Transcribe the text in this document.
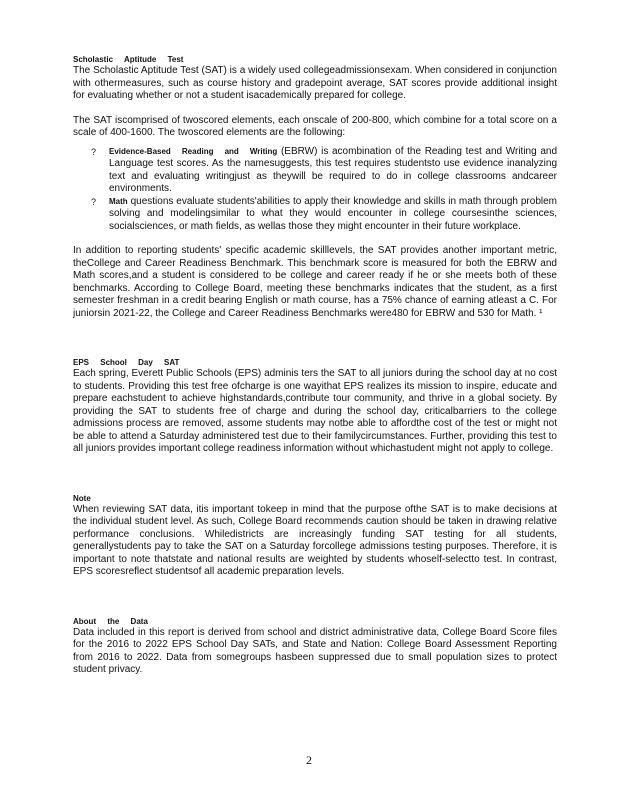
Scholastic Aptitude Test

The Scholastic Aptitude Test (SAT) is a widely used collegeadmissionsexam. When considered in conjunction with othermeasures, such as course history and gradepoint average, SAT scores provide additional insight for evaluating whether or not a student isacademically prepared for college.

The SAT iscomprised of twoscored elements, each onscale of 200-800, which combine for a total score on a scale of 400-1600. The twoscored elements are the following:

? Evidence-Based Reading and Writing (EBRW) is acombination of the Reading test and Writing and Language test scores. As the namesuggests, this test requires studentsto use evidence inanalyzing text and evaluating writingjust as theywill be required to do in college classrooms andcareer environments.
? Math questions evaluate students'abilities to apply their knowledge and skills in math through problem solving and modelingsimilar to what they would encounter in college coursesinthe sciences, socialsciences, or math fields, as wellas those they might encounter in their future workplace.

In addition to reporting students' specific academic skilllevels, the SAT provides another important metric, theCollege and Career Readiness Benchmark. This benchmark score is measured for both the EBRW and Math scores,and a student is considered to be college and career ready if he or she meets both of these benchmarks. According to College Board, meeting these benchmarks indicates that the student, as a first semester freshman in a credit bearing English or math course, has a 75% chance of earning atleast a C. For juniorsin 2021-22, the College and Career Readiness Benchmarks were480 for EBRW and 530 for Math. ¹

EPS School Day SAT

Each spring, Everett Public Schools (EPS) adminis ters the SAT to all juniors during the school day at no cost to students. Providing this test free ofcharge is one wayithat EPS realizes its mission to inspire, educate and prepare eachstudent to achieve highstandards,contribute tour community, and thrive in a global society. By providing the SAT to students free of charge and during the school day, criticalbarriers to the college admissions process are removed, assome students may notbe able to affordthe cost of the test or might not be able to attend a Saturday administered test due to their familycircumstances. Further, providing this test to all juniors provides important college readiness information without whichastudent might not apply to college.

Note

When reviewing SAT data, itis important tokeep in mind that the purpose ofthe SAT is to make decisions at the individual student level. As such, College Board recommends caution should be taken in drawing relative performance conclusions. Whiledistricts are increasingly funding SAT testing for all students, generallystudents pay to take the SAT on a Saturday forcollege admissions testing purposes. Therefore, it is important to note thatstate and national results are weighted by students whoself-selectto test. In contrast, EPS scoresreflect studentsof all academic preparation levels.

About the Data

Data included in this report is derived from school and district administrative data, College Board Score files for the 2016 to 2022 EPS School Day SATs, and State and Nation: College Board Assessment Reporting from 2016 to 2022. Data from somegroups hasbeen suppressed due to small population sizes to protect student privacy.

2
